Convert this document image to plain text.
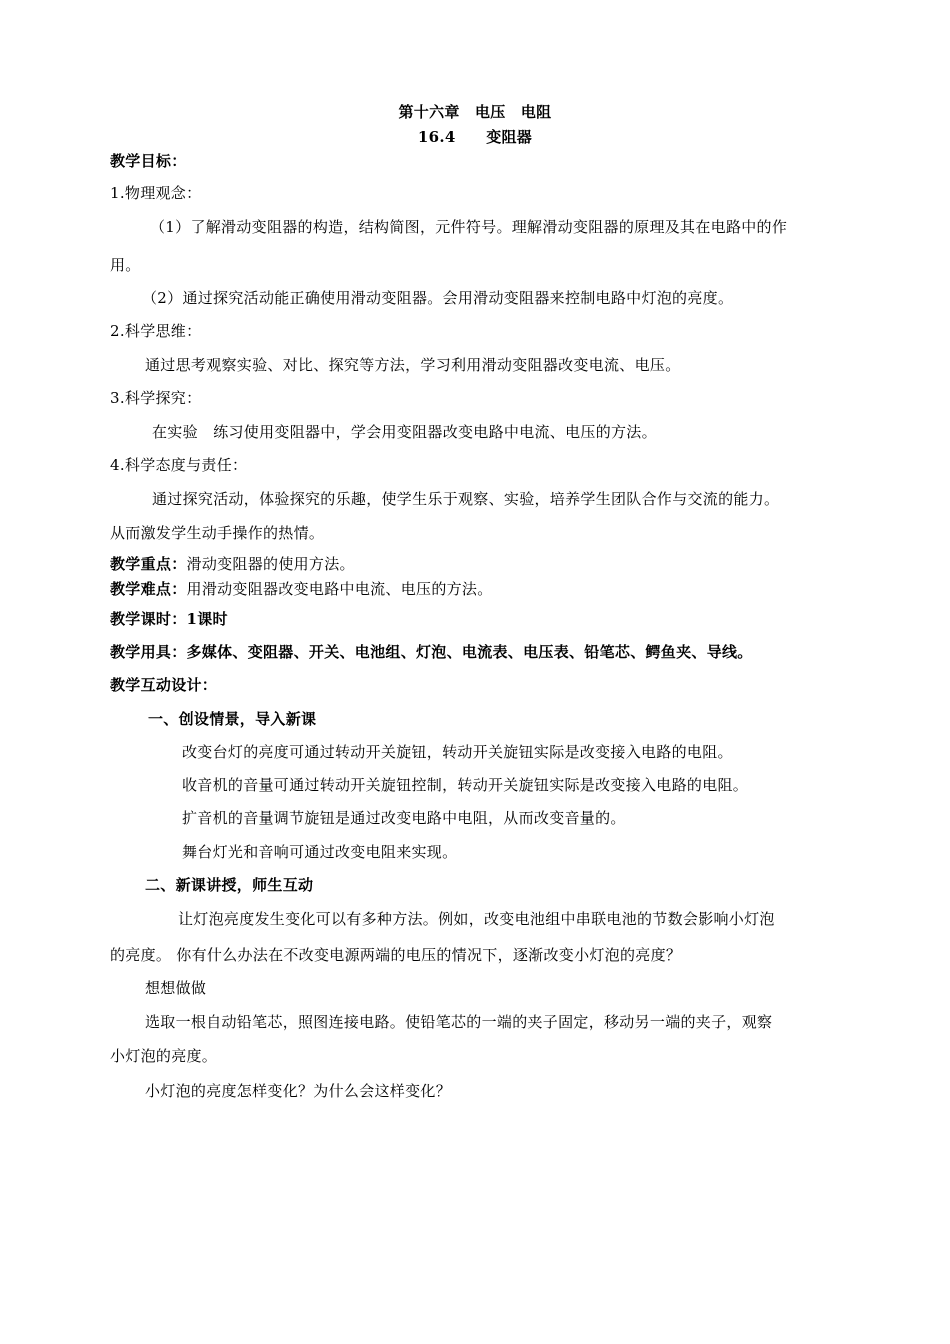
第十六章　电压　电阻
16.4　　变阻器
教学目标：
1.物理观念：
（1）了解滑动变阻器的构造，结构简图，元件符号。理解滑动变阻器的原理及其在电路中的作
用。
（2）通过探究活动能正确使用滑动变阻器。会用滑动变阻器来控制电路中灯泡的亮度。
2.科学思维：
通过思考观察实验、对比、探究等方法，学习利用滑动变阻器改变电流、电压。
3.科学探究：
在实验　练习使用变阻器中，学会用变阻器改变电路中电流、电压的方法。
4.科学态度与责任：
通过探究活动，体验探究的乐趣，使学生乐于观察、实验，培养学生团队合作与交流的能力。
从而激发学生动手操作的热情。
教学重点：滑动变阻器的使用方法。
教学难点：用滑动变阻器改变电路中电流、电压的方法。
教学课时：1课时
教学用具：多媒体、变阻器、开关、电池组、灯泡、电流表、电压表、铅笔芯、鳄鱼夹、导线。
教学互动设计：
一、创设情景，导入新课
改变台灯的亮度可通过转动开关旋钮，转动开关旋钮实际是改变接入电路的电阻。
收音机的音量可通过转动开关旋钮控制，转动开关旋钮实际是改变接入电路的电阻。
扩音机的音量调节旋钮是通过改变电路中电阻，从而改变音量的。
舞台灯光和音响可通过改变电阻来实现。
二、新课讲授，师生互动
让灯泡亮度发生变化可以有多种方法。例如，改变电池组中串联电池的节数会影响小灯泡
的亮度。 你有什么办法在不改变电源两端的电压的情况下，逐渐改变小灯泡的亮度？
想想做做
选取一根自动铅笔芯，照图连接电路。使铅笔芯的一端的夹子固定，移动另一端的夹子，观察
小灯泡的亮度。
小灯泡的亮度怎样变化？为什么会这样变化？
